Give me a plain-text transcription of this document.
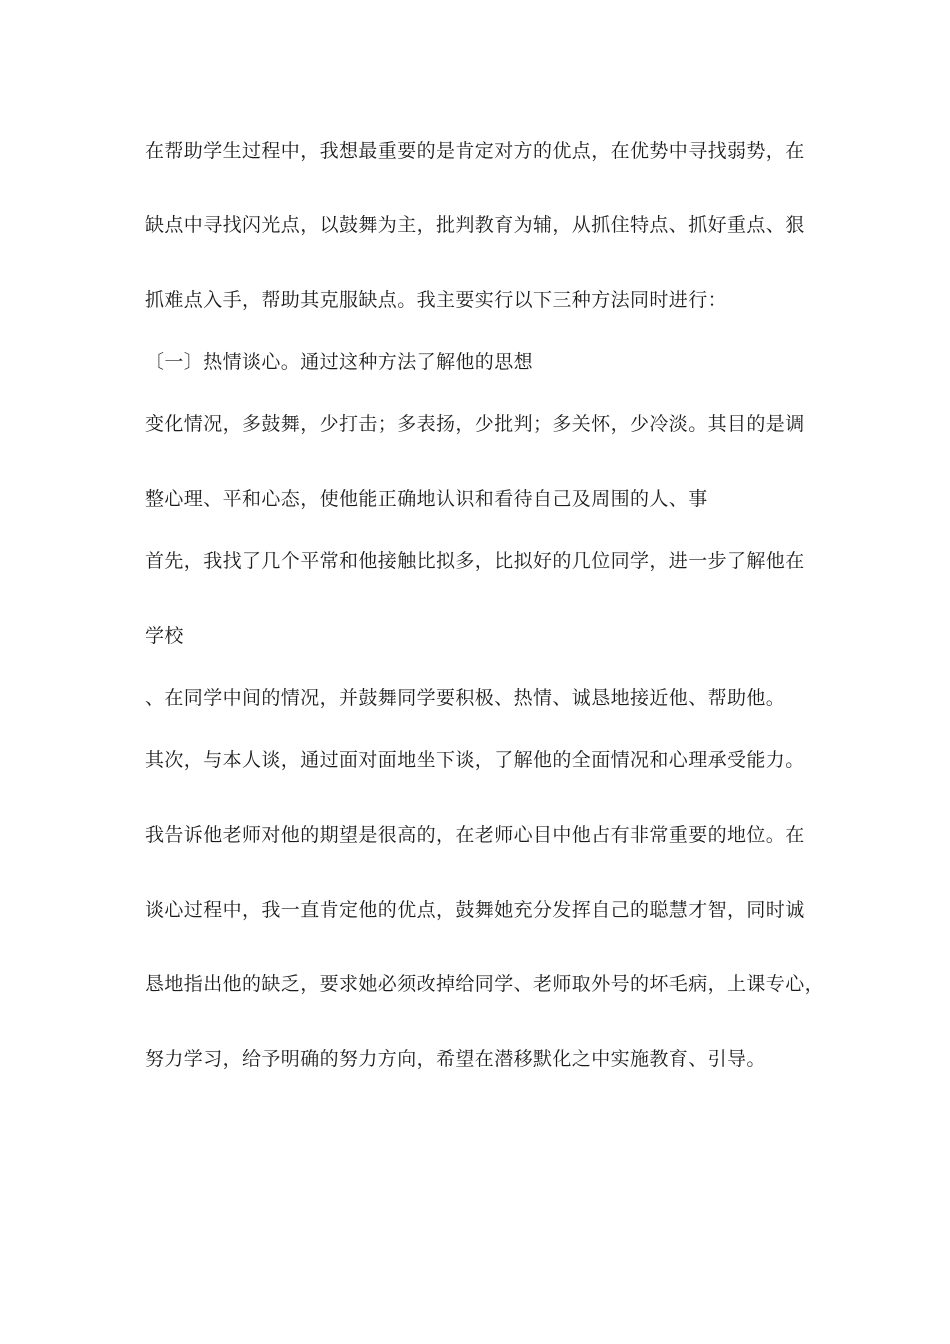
在帮助学生过程中，我想最重要的是肯定对方的优点，在优势中寻找弱势，在
缺点中寻找闪光点，以鼓舞为主，批判教育为辅，从抓住特点、抓好重点、狠
抓难点入手，帮助其克服缺点。我主要实行以下三种方法同时进行：
〔一〕热情谈心。通过这种方法了解他的思想
变化情况，多鼓舞，少打击；多表扬，少批判；多关怀，少冷淡。其目的是调
整心理、平和心态，使他能正确地认识和看待自己及周围的人、事
首先，我找了几个平常和他接触比拟多，比拟好的几位同学，进一步了解他在
学校
、在同学中间的情况，并鼓舞同学要积极、热情、诚恳地接近他、帮助他。
其次，与本人谈，通过面对面地坐下谈，了解他的全面情况和心理承受能力。
我告诉他老师对他的期望是很高的，在老师心目中他占有非常重要的地位。在
谈心过程中，我一直肯定他的优点，鼓舞她充分发挥自己的聪慧才智，同时诚
恳地指出他的缺乏，要求她必须改掉给同学、老师取外号的坏毛病，上课专心，
努力学习，给予明确的努力方向，希望在潜移默化之中实施教育、引导。
